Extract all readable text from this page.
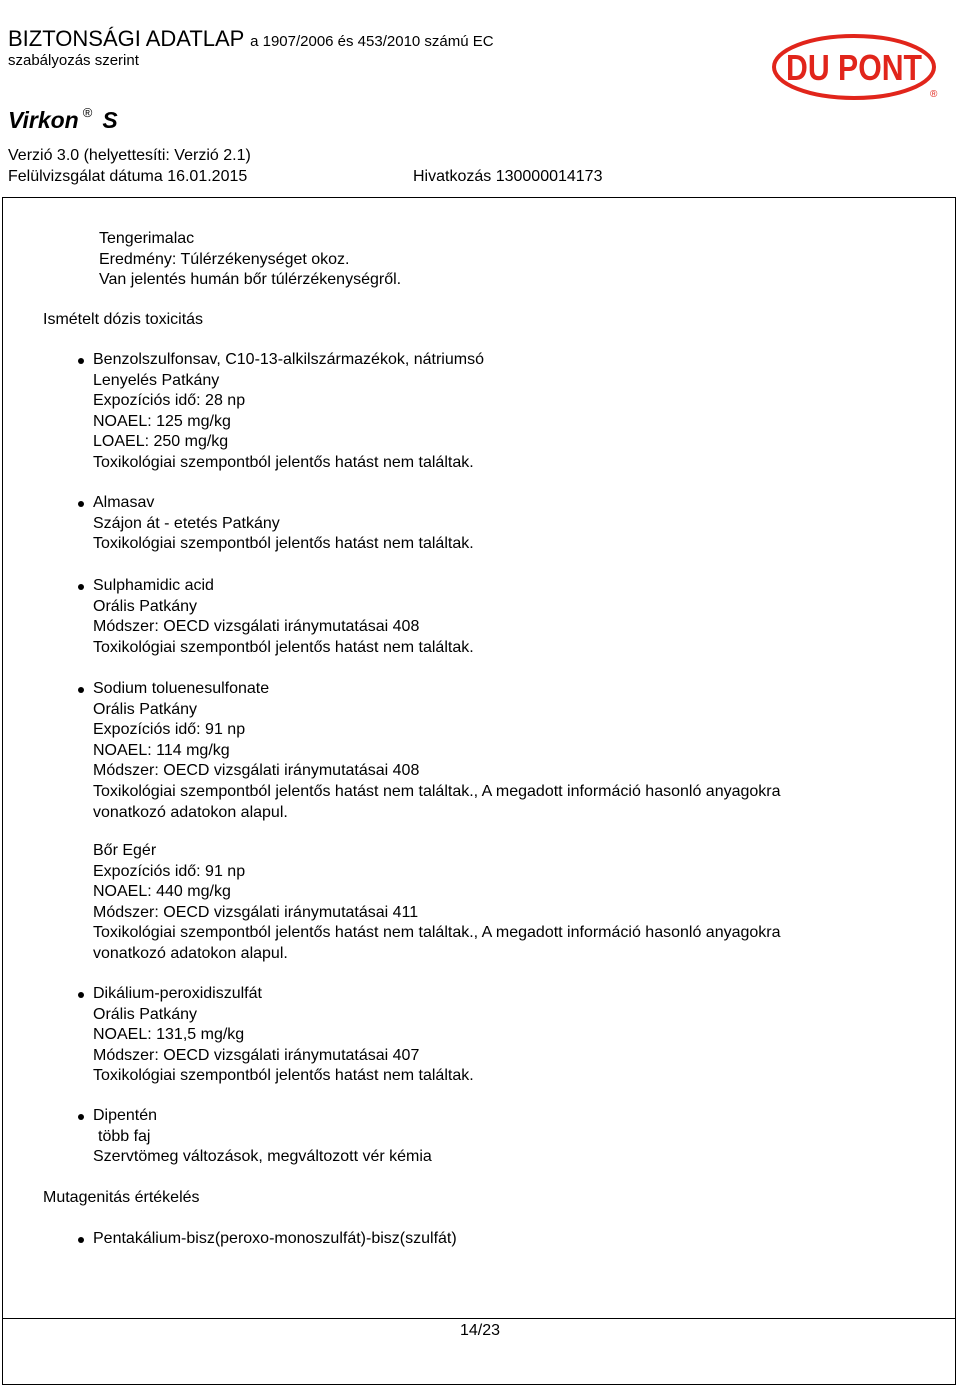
BIZTONSÁGI ADATLAP a 1907/2006 és 453/2010 számú EC
szabályozás szerint
Virkon ® S
Verzió 3.0 (helyettesíti: Verzió 2.1)
Felülvizsgálat dátuma 16.01.2015	Hivatkozás 130000014173
DU PONT
®
Tengerimalac
Eredmény: Túlérzékenységet okoz.
Van jelentés humán bőr túlérzékenységről.
Ismételt dózis toxicitás
Benzolszulfonsav, C10-13-alkilszármazékok, nátriumsó
Lenyelés Patkány
Expozíciós idő: 28 np
NOAEL: 125 mg/kg
LOAEL: 250 mg/kg
Toxikológiai szempontból jelentős hatást nem találtak.
Almasav
Szájon át - etetés Patkány
Toxikológiai szempontból jelentős hatást nem találtak.
Sulphamidic acid
Orális Patkány
Módszer: OECD vizsgálati iránymutatásai 408
Toxikológiai szempontból jelentős hatást nem találtak.
Sodium toluenesulfonate
Orális Patkány
Expozíciós idő: 91 np
NOAEL: 114 mg/kg
Módszer: OECD vizsgálati iránymutatásai 408
Toxikológiai szempontból jelentős hatást nem találtak., A megadott információ hasonló anyagokra
vonatkozó adatokon alapul.
Bőr Egér
Expozíciós idő: 91 np
NOAEL: 440 mg/kg
Módszer: OECD vizsgálati iránymutatásai 411
Toxikológiai szempontból jelentős hatást nem találtak., A megadott információ hasonló anyagokra
vonatkozó adatokon alapul.
Dikálium-peroxidiszulfát
Orális Patkány
NOAEL: 131,5 mg/kg
Módszer: OECD vizsgálati iránymutatásai 407
Toxikológiai szempontból jelentős hatást nem találtak.
Dipentén
több faj
Szervtömeg változások, megváltozott vér kémia
Mutagenitás értékelés
Pentakálium-bisz(peroxo-monoszulfát)-bisz(szulfát)
14/23
